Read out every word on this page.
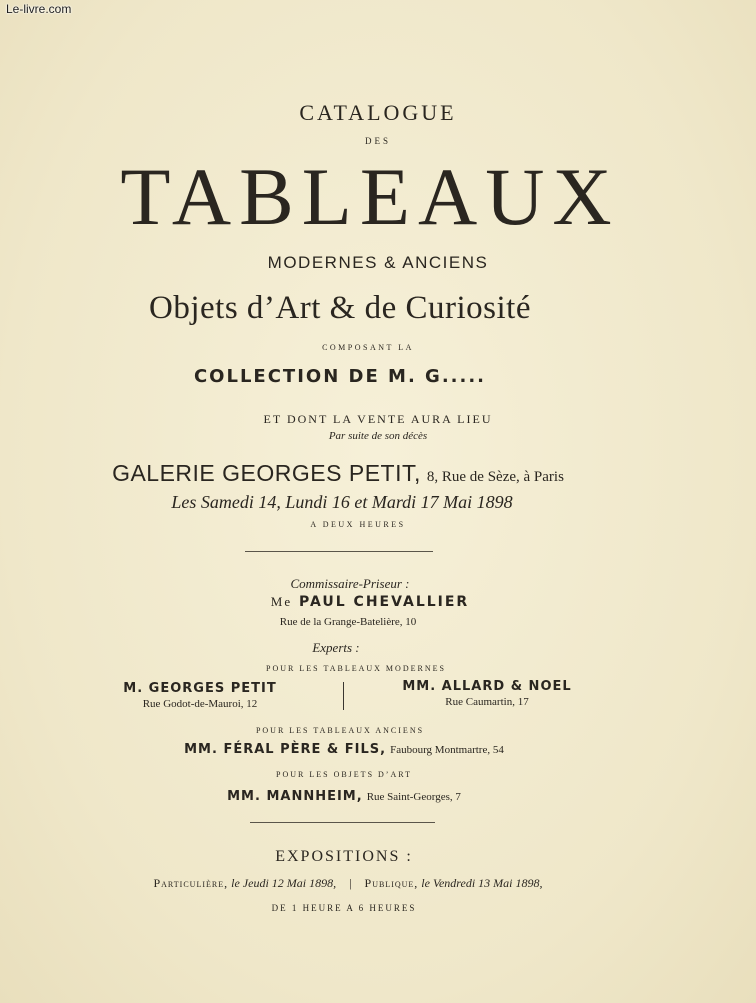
Le-livre.com
CATALOGUE
DES
TABLEAUX
MODERNES & ANCIENS
Objets d’Art & de Curiosité
COMPOSANT LA
COLLECTION DE M. G.....
ET DONT LA VENTE AURA LIEU
Par suite de son décès
GALERIE GEORGES PETIT, 8, Rue de Sèze, à Paris
Les Samedi 14, Lundi 16 et Mardi 17 Mai 1898
A DEUX HEURES
Commissaire-Priseur :
Me PAUL CHEVALLIER
Rue de la Grange-Batelière, 10
Experts :
POUR LES TABLEAUX MODERNES
M. GEORGES PETIT
Rue Godot-de-Mauroi, 12
MM. ALLARD & NOEL
Rue Caumartin, 17
POUR LES TABLEAUX ANCIENS
MM. FÉRAL PÈRE & FILS, Faubourg Montmartre, 54
POUR LES OBJETS D’ART
MM. MANNHEIM, Rue Saint-Georges, 7
EXPOSITIONS :
Particulière, le Jeudi 12 Mai 1898, | Publique, le Vendredi 13 Mai 1898,
DE 1 HEURE A 6 HEURES
